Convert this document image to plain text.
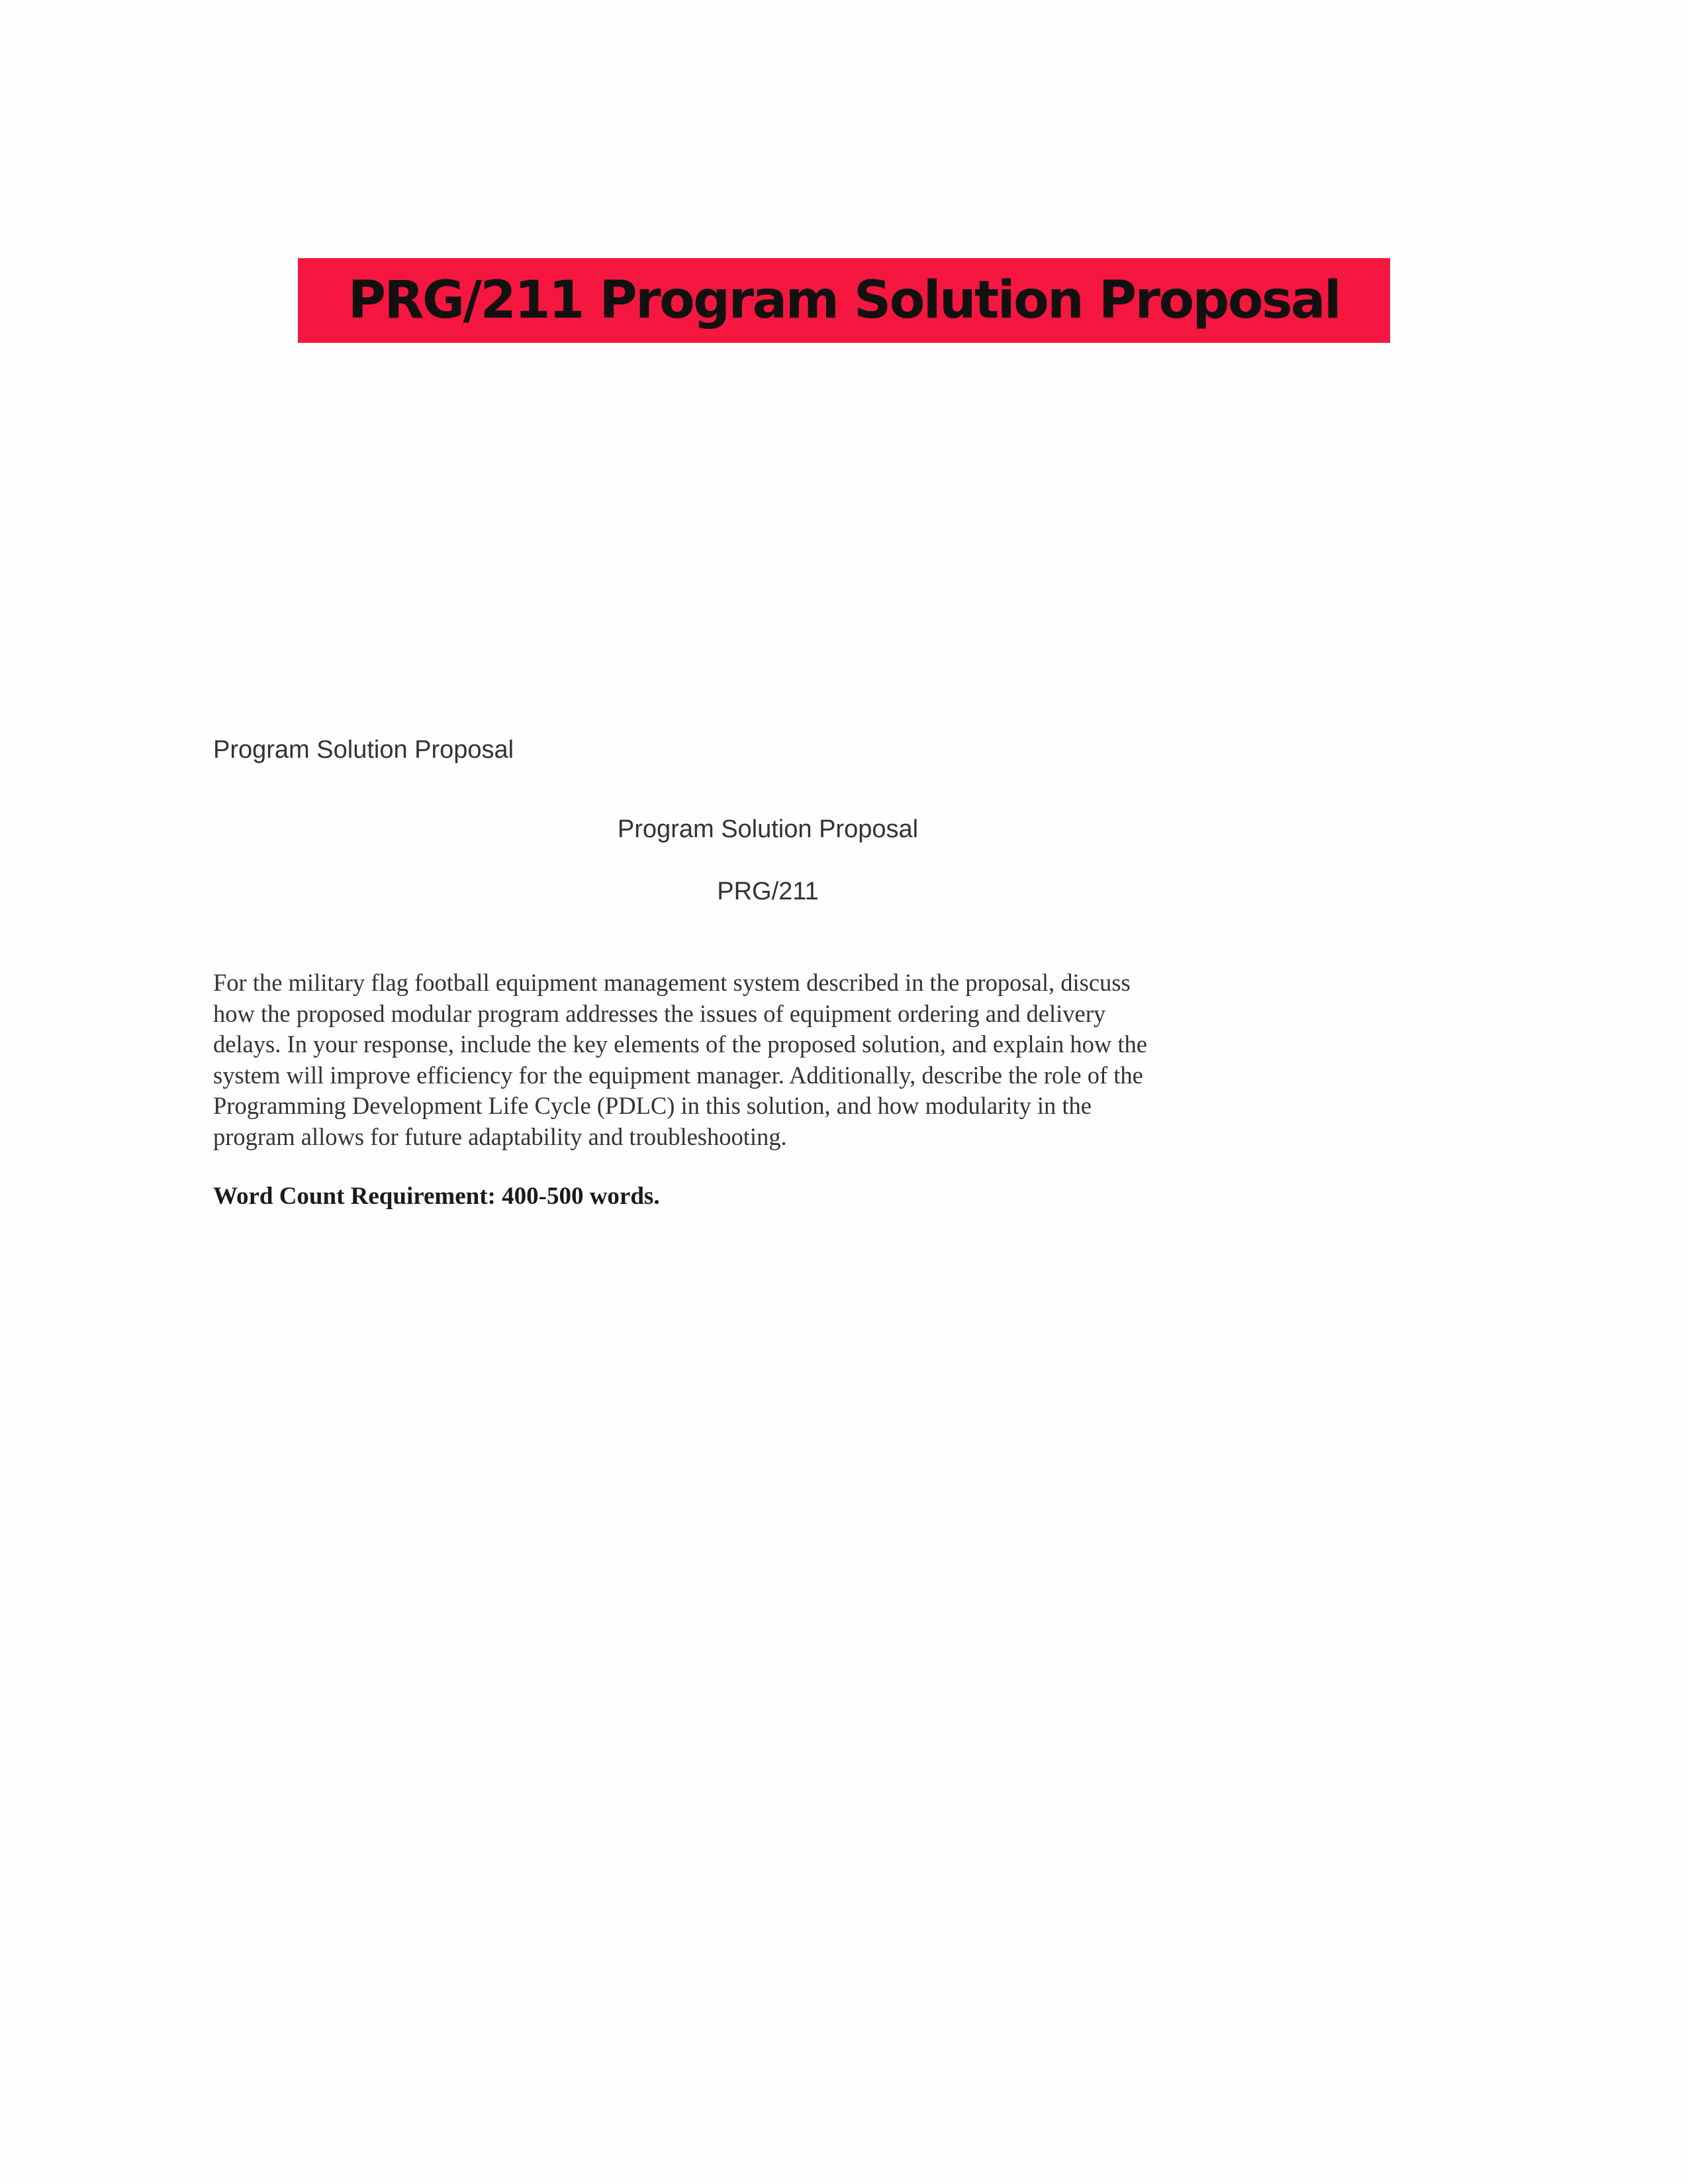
PRG/211 Program Solution Proposal
Program Solution Proposal
Program Solution Proposal
PRG/211
For the military flag football equipment management system described in the proposal, discuss
how the proposed modular program addresses the issues of equipment ordering and delivery
delays. In your response, include the key elements of the proposed solution, and explain how the
system will improve efficiency for the equipment manager. Additionally, describe the role of the
Programming Development Life Cycle (PDLC) in this solution, and how modularity in the
program allows for future adaptability and troubleshooting.
Word Count Requirement: 400-500 words.
